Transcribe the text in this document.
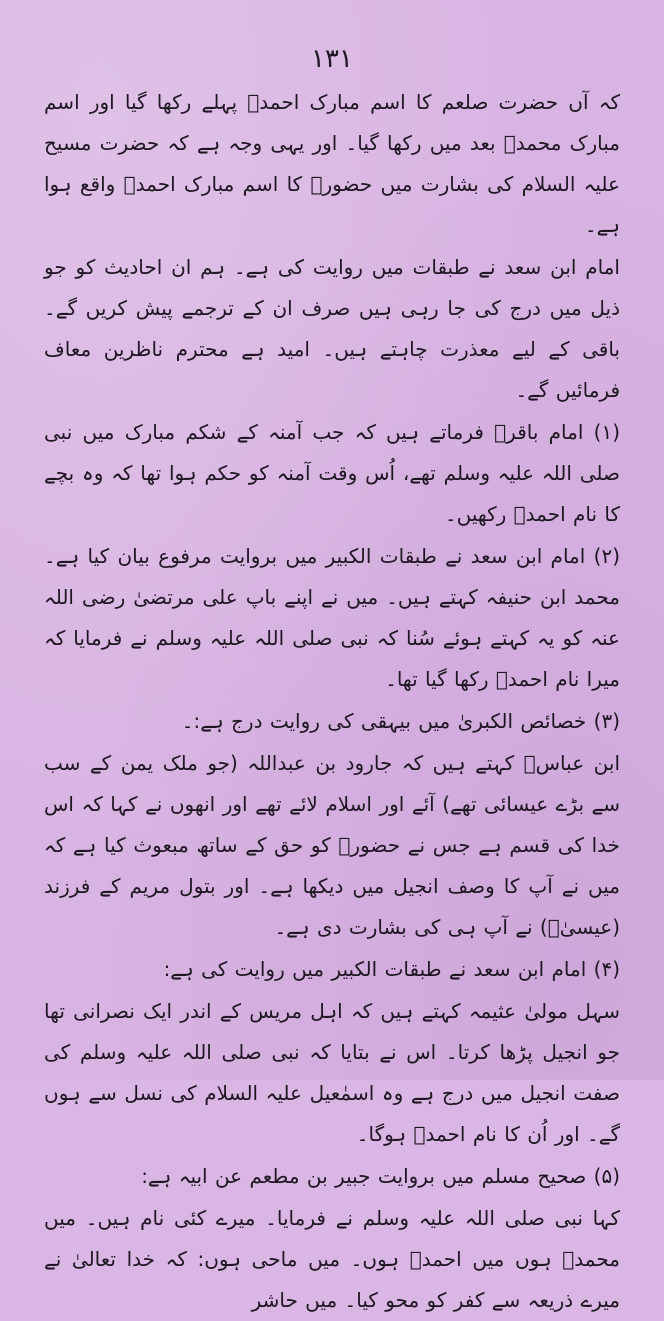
١٣١

کہ آں حضرت صلعم کا اسم مبارک احمدؐ پہلے رکھا گیا اور اسم مبارک محمدؐ بعد میں رکھا گیا۔ اور یہی وجہ ہے کہ حضرت مسیح علیہ السلام کی بشارت میں حضورؐ کا اسم مبارک احمدؐ واقع ہوا ہے۔

امام ابن سعد نے طبقات میں روایت کی ہے۔ ہم ان احادیث کو جو ذیل میں درج کی جا رہی ہیں صرف ان کے ترجمے پیش کریں گے۔ باقی کے لیے معذرت چاہتے ہیں۔ امید ہے محترم ناظرین معاف فرمائیں گے۔

(۱) امام باقرؒ فرماتے ہیں کہ جب آمنہ کے شکم مبارک میں نبی صلی اللہ علیہ وسلم تھے، اُس وقت آمنہ کو حکم ہوا تھا کہ وہ بچے کا نام احمدؐ رکھیں۔

(۲) امام ابن سعد نے طبقات الکبیر میں بروایت مرفوع بیان کیا ہے۔ محمد ابن حنیفہ کہتے ہیں۔ میں نے اپنے باپ علی مرتضیٰ رضی اللہ عنہ کو یہ کہتے ہوئے سُنا کہ نبی صلی اللہ علیہ وسلم نے فرمایا کہ میرا نام احمدؐ رکھا گیا تھا۔

(۳) خصائص الکبریٰ میں بیہقی کی روایت درج ہے:۔

ابن عباسؓ کہتے ہیں کہ جارود بن عبداللہ (جو ملک یمن کے سب سے بڑے عیسائی تھے) آئے اور اسلام لائے تھے اور انھوں نے کہا کہ اس خدا کی قسم ہے جس نے حضورؐ کو حق کے ساتھ مبعوث کیا ہے کہ میں نے آپ کا وصف انجیل میں دیکھا ہے۔ اور بتول مریم کے فرزند (عیسیٰؑ) نے آپ ہی کی بشارت دی ہے۔

(۴) امام ابن سعد نے طبقات الکبیر میں روایت کی ہے:

سہل مولیٰ عثیمہ کہتے ہیں کہ اہل مریس کے اندر ایک نصرانی تھا جو انجیل پڑھا کرتا۔ اس نے بتایا کہ نبی صلی اللہ علیہ وسلم کی صفت انجیل میں درج ہے وہ اسمٰعیل علیہ السلام کی نسل سے ہوں گے۔ اور اُن کا نام احمدؐ ہوگا۔

(۵) صحیح مسلم میں بروایت جبیر بن مطعم عن ابیہ ہے:

کہا نبی صلی اللہ علیہ وسلم نے فرمایا۔ میرے کئی نام ہیں۔ میں محمدؐ ہوں میں احمدؐ ہوں۔ میں ماحی ہوں: کہ خدا تعالیٰ نے میرے ذریعہ سے کفر کو محو کیا۔ میں حاشر
